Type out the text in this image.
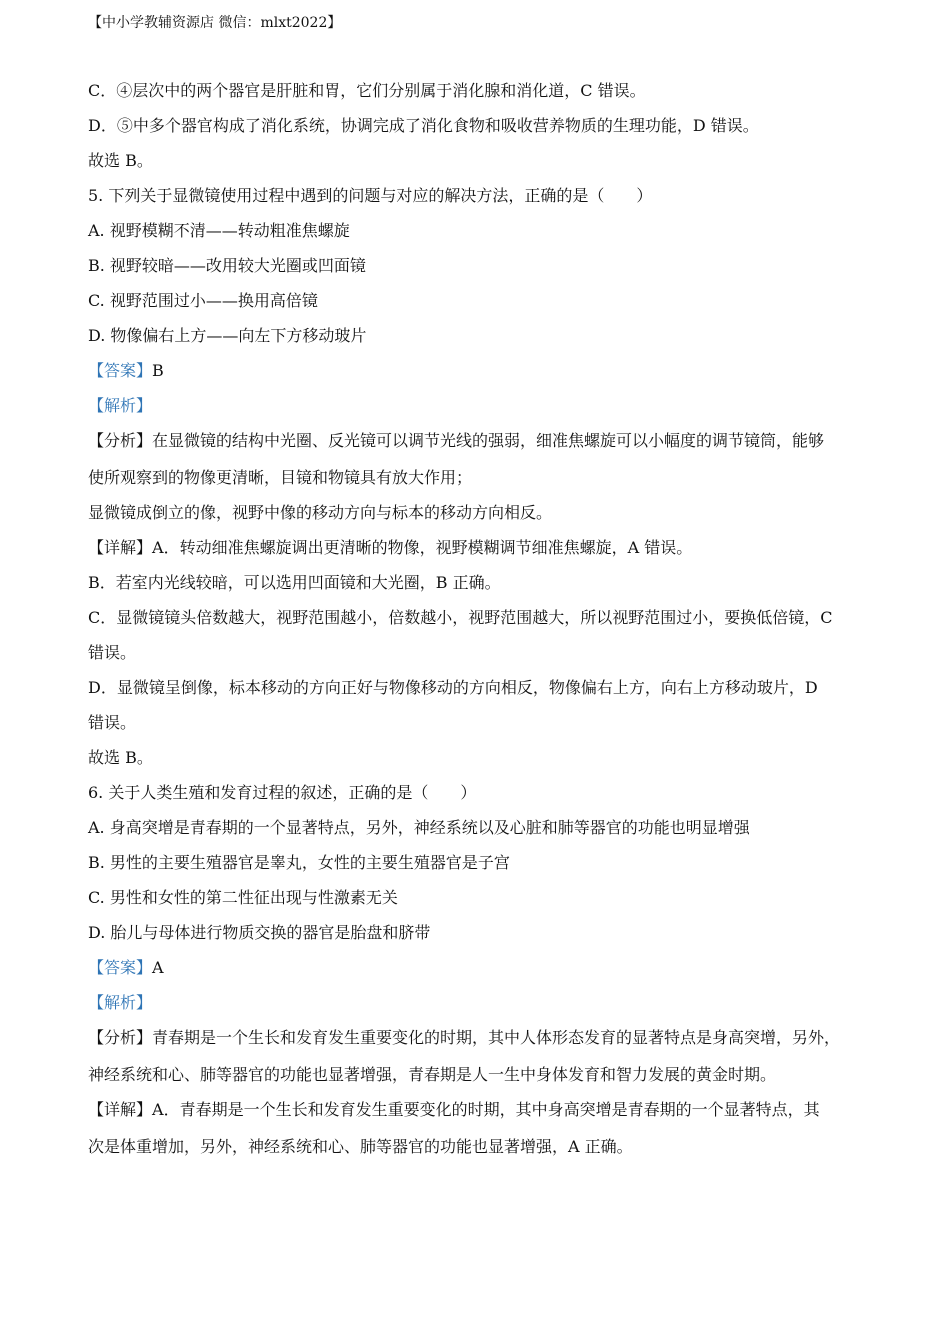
【中小学教辅资源店 微信：mlxt2022】
C．④层次中的两个器官是肝脏和胃，它们分别属于消化腺和消化道，C 错误。
D．⑤中多个器官构成了消化系统，协调完成了消化食物和吸收营养物质的生理功能，D 错误。
故选 B。
5. 下列关于显微镜使用过程中遇到的问题与对应的解决方法，正确的是（　　）
A. 视野模糊不清——转动粗准焦螺旋
B. 视野较暗——改用较大光圈或凹面镜
C. 视野范围过小——换用高倍镜
D. 物像偏右上方——向左下方移动玻片
【答案】B
【解析】
【分析】在显微镜的结构中光圈、反光镜可以调节光线的强弱，细准焦螺旋可以小幅度的调节镜筒，能够
使所观察到的物像更清晰，目镜和物镜具有放大作用；
显微镜成倒立的像，视野中像的移动方向与标本的移动方向相反。
【详解】A．转动细准焦螺旋调出更清晰的物像，视野模糊调节细准焦螺旋，A 错误。
B．若室内光线较暗，可以选用凹面镜和大光圈，B 正确。
C．显微镜镜头倍数越大，视野范围越小，倍数越小，视野范围越大，所以视野范围过小，要换低倍镜，C
错误。
D．显微镜呈倒像，标本移动的方向正好与物像移动的方向相反，物像偏右上方，向右上方移动玻片，D
错误。
故选 B。
6. 关于人类生殖和发育过程的叙述，正确的是（　　）
A. 身高突增是青春期的一个显著特点，另外，神经系统以及心脏和肺等器官的功能也明显增强
B. 男性的主要生殖器官是睾丸，女性的主要生殖器官是子宫
C. 男性和女性的第二性征出现与性激素无关
D. 胎儿与母体进行物质交换的器官是胎盘和脐带
【答案】A
【解析】
【分析】青春期是一个生长和发育发生重要变化的时期，其中人体形态发育的显著特点是身高突增，另外，
神经系统和心、肺等器官的功能也显著增强，青春期是人一生中身体发育和智力发展的黄金时期。
【详解】A．青春期是一个生长和发育发生重要变化的时期，其中身高突增是青春期的一个显著特点，其
次是体重增加，另外，神经系统和心、肺等器官的功能也显著增强，A 正确。
